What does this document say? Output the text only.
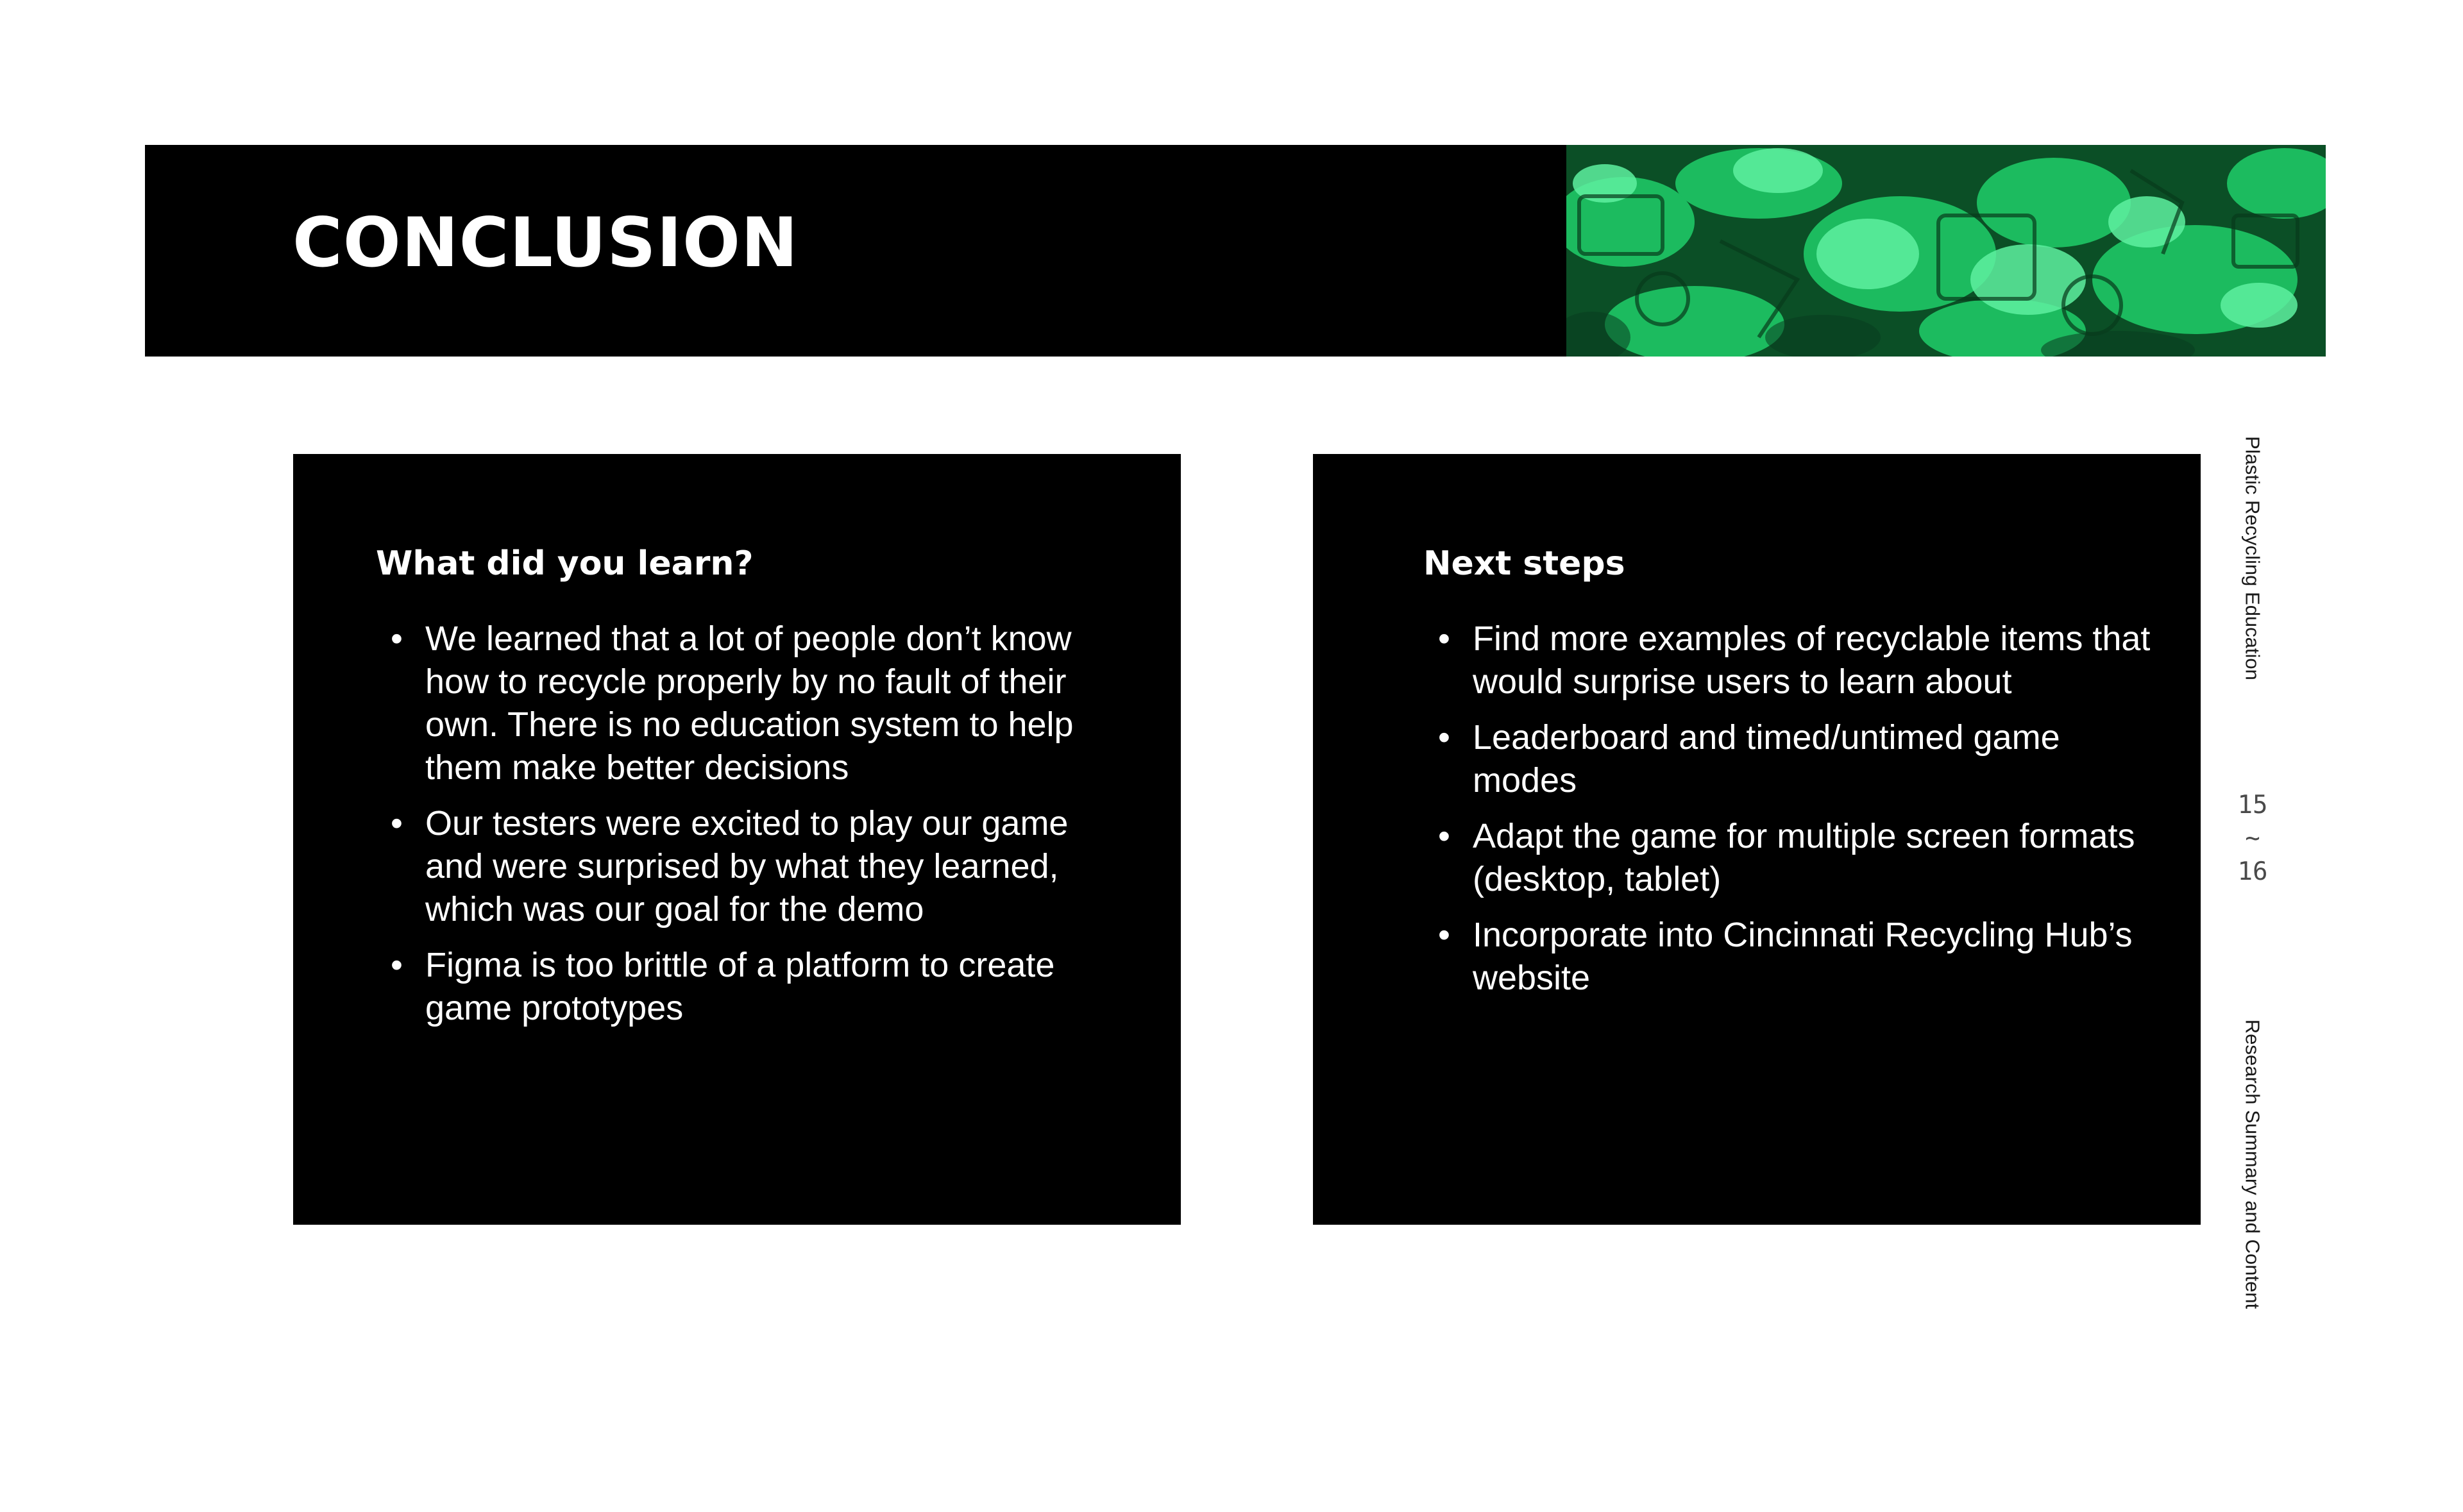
CONCLUSION
What did you learn?
• We learned that a lot of people don’t know how to recycle properly by no fault of their own. There is no education system to help them make better decisions
• Our testers were excited to play our game and were surprised by what they learned, which was our goal for the demo
• Figma is too brittle of a platform to create game prototypes
Next steps
• Find more examples of recyclable items that would surprise users to learn about
• Leaderboard and timed/untimed game modes
• Adapt the game for multiple screen formats (desktop, tablet)
• Incorporate into Cincinnati Recycling Hub’s website
Plastic Recycling Education
15
~
16
Research Summary and Content
